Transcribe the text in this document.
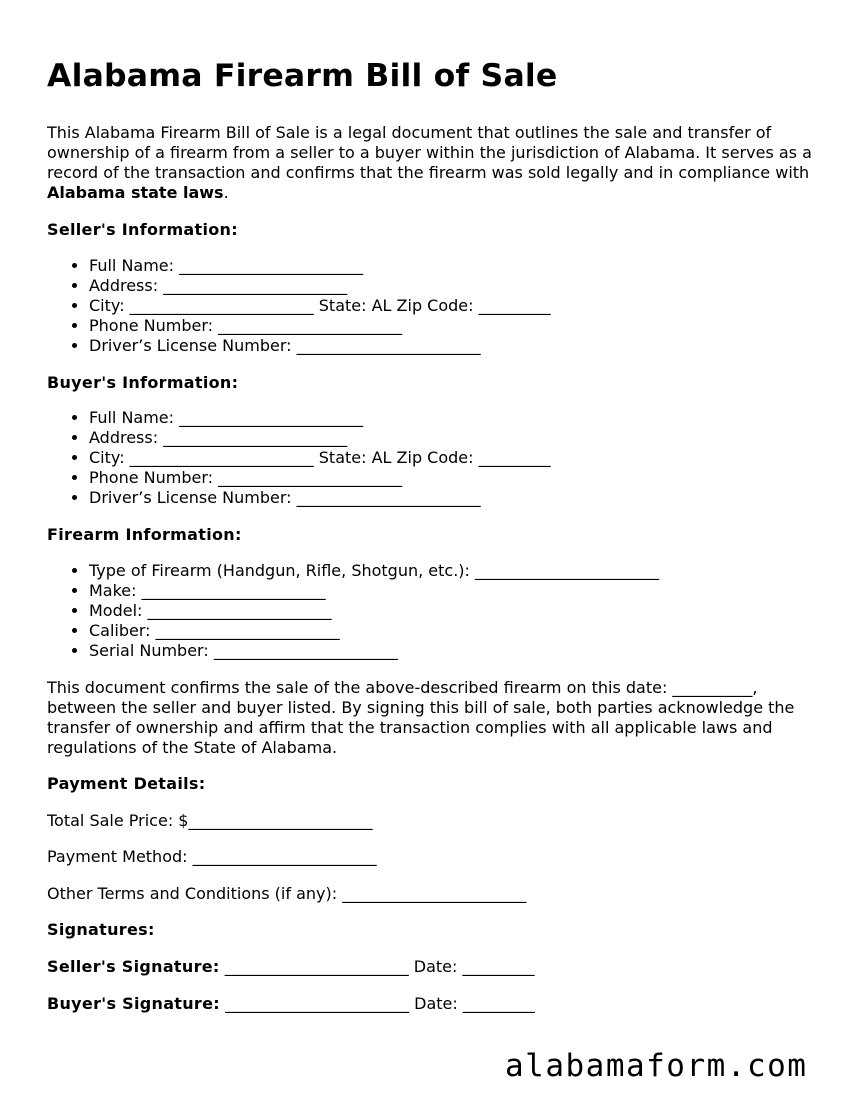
Alabama Firearm Bill of Sale

This Alabama Firearm Bill of Sale is a legal document that outlines the sale and transfer of ownership of a firearm from a seller to a buyer within the jurisdiction of Alabama. It serves as a record of the transaction and confirms that the firearm was sold legally and in compliance with Alabama state laws.

Seller's Information:

• Full Name: _______________________
• Address: _______________________
• City: _______________________ State: AL Zip Code: _________
• Phone Number: _______________________
• Driver’s License Number: _______________________

Buyer's Information:

• Full Name: _______________________
• Address: _______________________
• City: _______________________ State: AL Zip Code: _________
• Phone Number: _______________________
• Driver’s License Number: _______________________

Firearm Information:

• Type of Firearm (Handgun, Rifle, Shotgun, etc.): _______________________
• Make: _______________________
• Model: _______________________
• Caliber: _______________________
• Serial Number: _______________________

This document confirms the sale of the above-described firearm on this date: __________, between the seller and buyer listed. By signing this bill of sale, both parties acknowledge the transfer of ownership and affirm that the transaction complies with all applicable laws and regulations of the State of Alabama.

Payment Details:

Total Sale Price: $_______________________

Payment Method: _______________________

Other Terms and Conditions (if any): _______________________

Signatures:

Seller's Signature: _______________________ Date: _________

Buyer's Signature: _______________________ Date: _________

alabamaform.com
